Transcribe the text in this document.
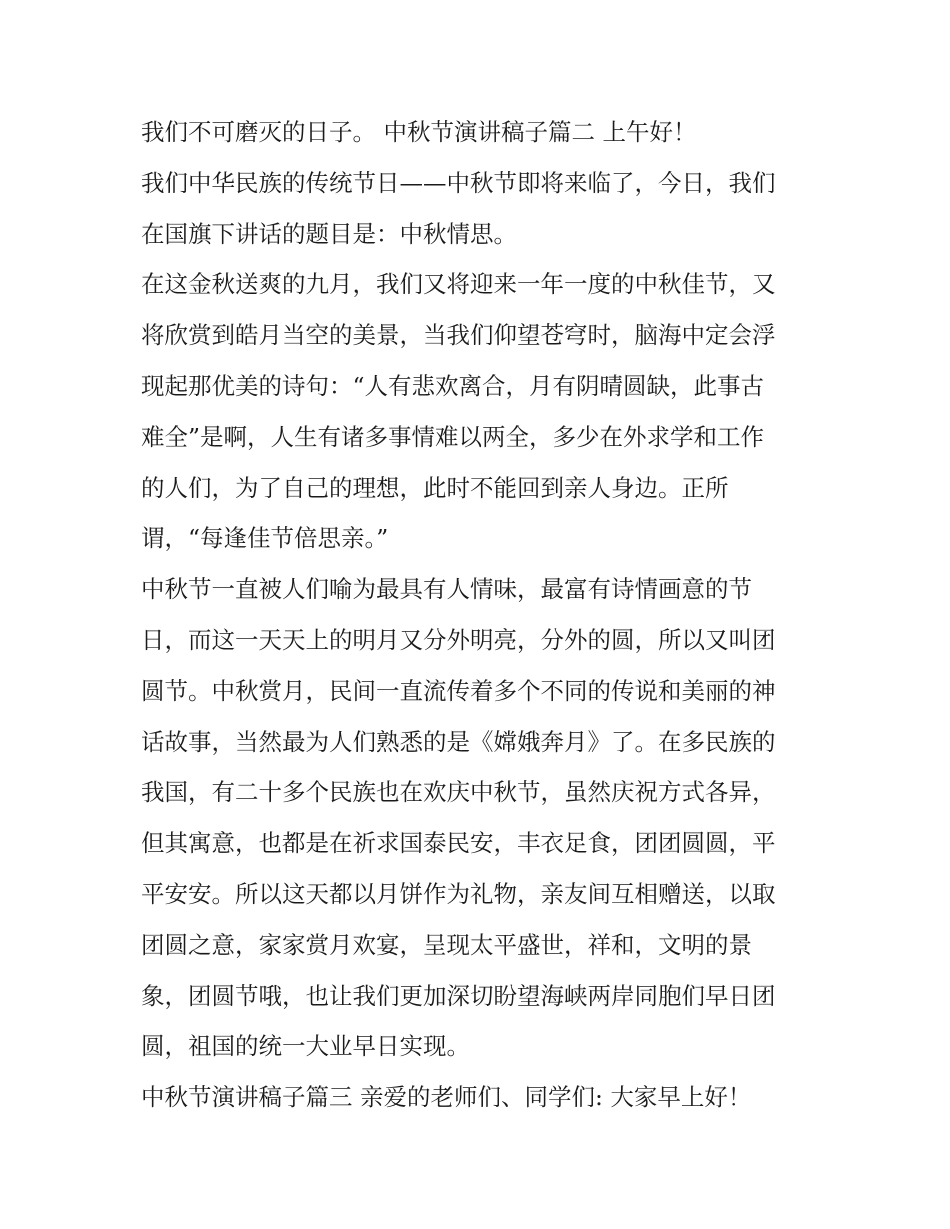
我们不可磨灭的日子。 中秋节演讲稿子篇二 上午好！
我们中华民族的传统节日——中秋节即将来临了，今日，我们
在国旗下讲话的题目是：中秋情思。
在这金秋送爽的九月，我们又将迎来一年一度的中秋佳节，又
将欣赏到皓月当空的美景，当我们仰望苍穹时，脑海中定会浮
现起那优美的诗句：“人有悲欢离合，月有阴晴圆缺，此事古
难全”是啊，人生有诸多事情难以两全，多少在外求学和工作
的人们，为了自己的理想，此时不能回到亲人身边。正所
谓，“每逢佳节倍思亲。”
中秋节一直被人们喻为最具有人情味，最富有诗情画意的节
日，而这一天天上的明月又分外明亮，分外的圆，所以又叫团
圆节。中秋赏月，民间一直流传着多个不同的传说和美丽的神
话故事，当然最为人们熟悉的是《嫦娥奔月》了。在多民族的
我国，有二十多个民族也在欢庆中秋节，虽然庆祝方式各异，
但其寓意，也都是在祈求国泰民安，丰衣足食，团团圆圆，平
平安安。所以这天都以月饼作为礼物，亲友间互相赠送，以取
团圆之意，家家赏月欢宴，呈现太平盛世，祥和，文明的景
象，团圆节哦，也让我们更加深切盼望海峡两岸同胞们早日团
圆，祖国的统一大业早日实现。
中秋节演讲稿子篇三 亲爱的老师们、同学们: 大家早上好！
